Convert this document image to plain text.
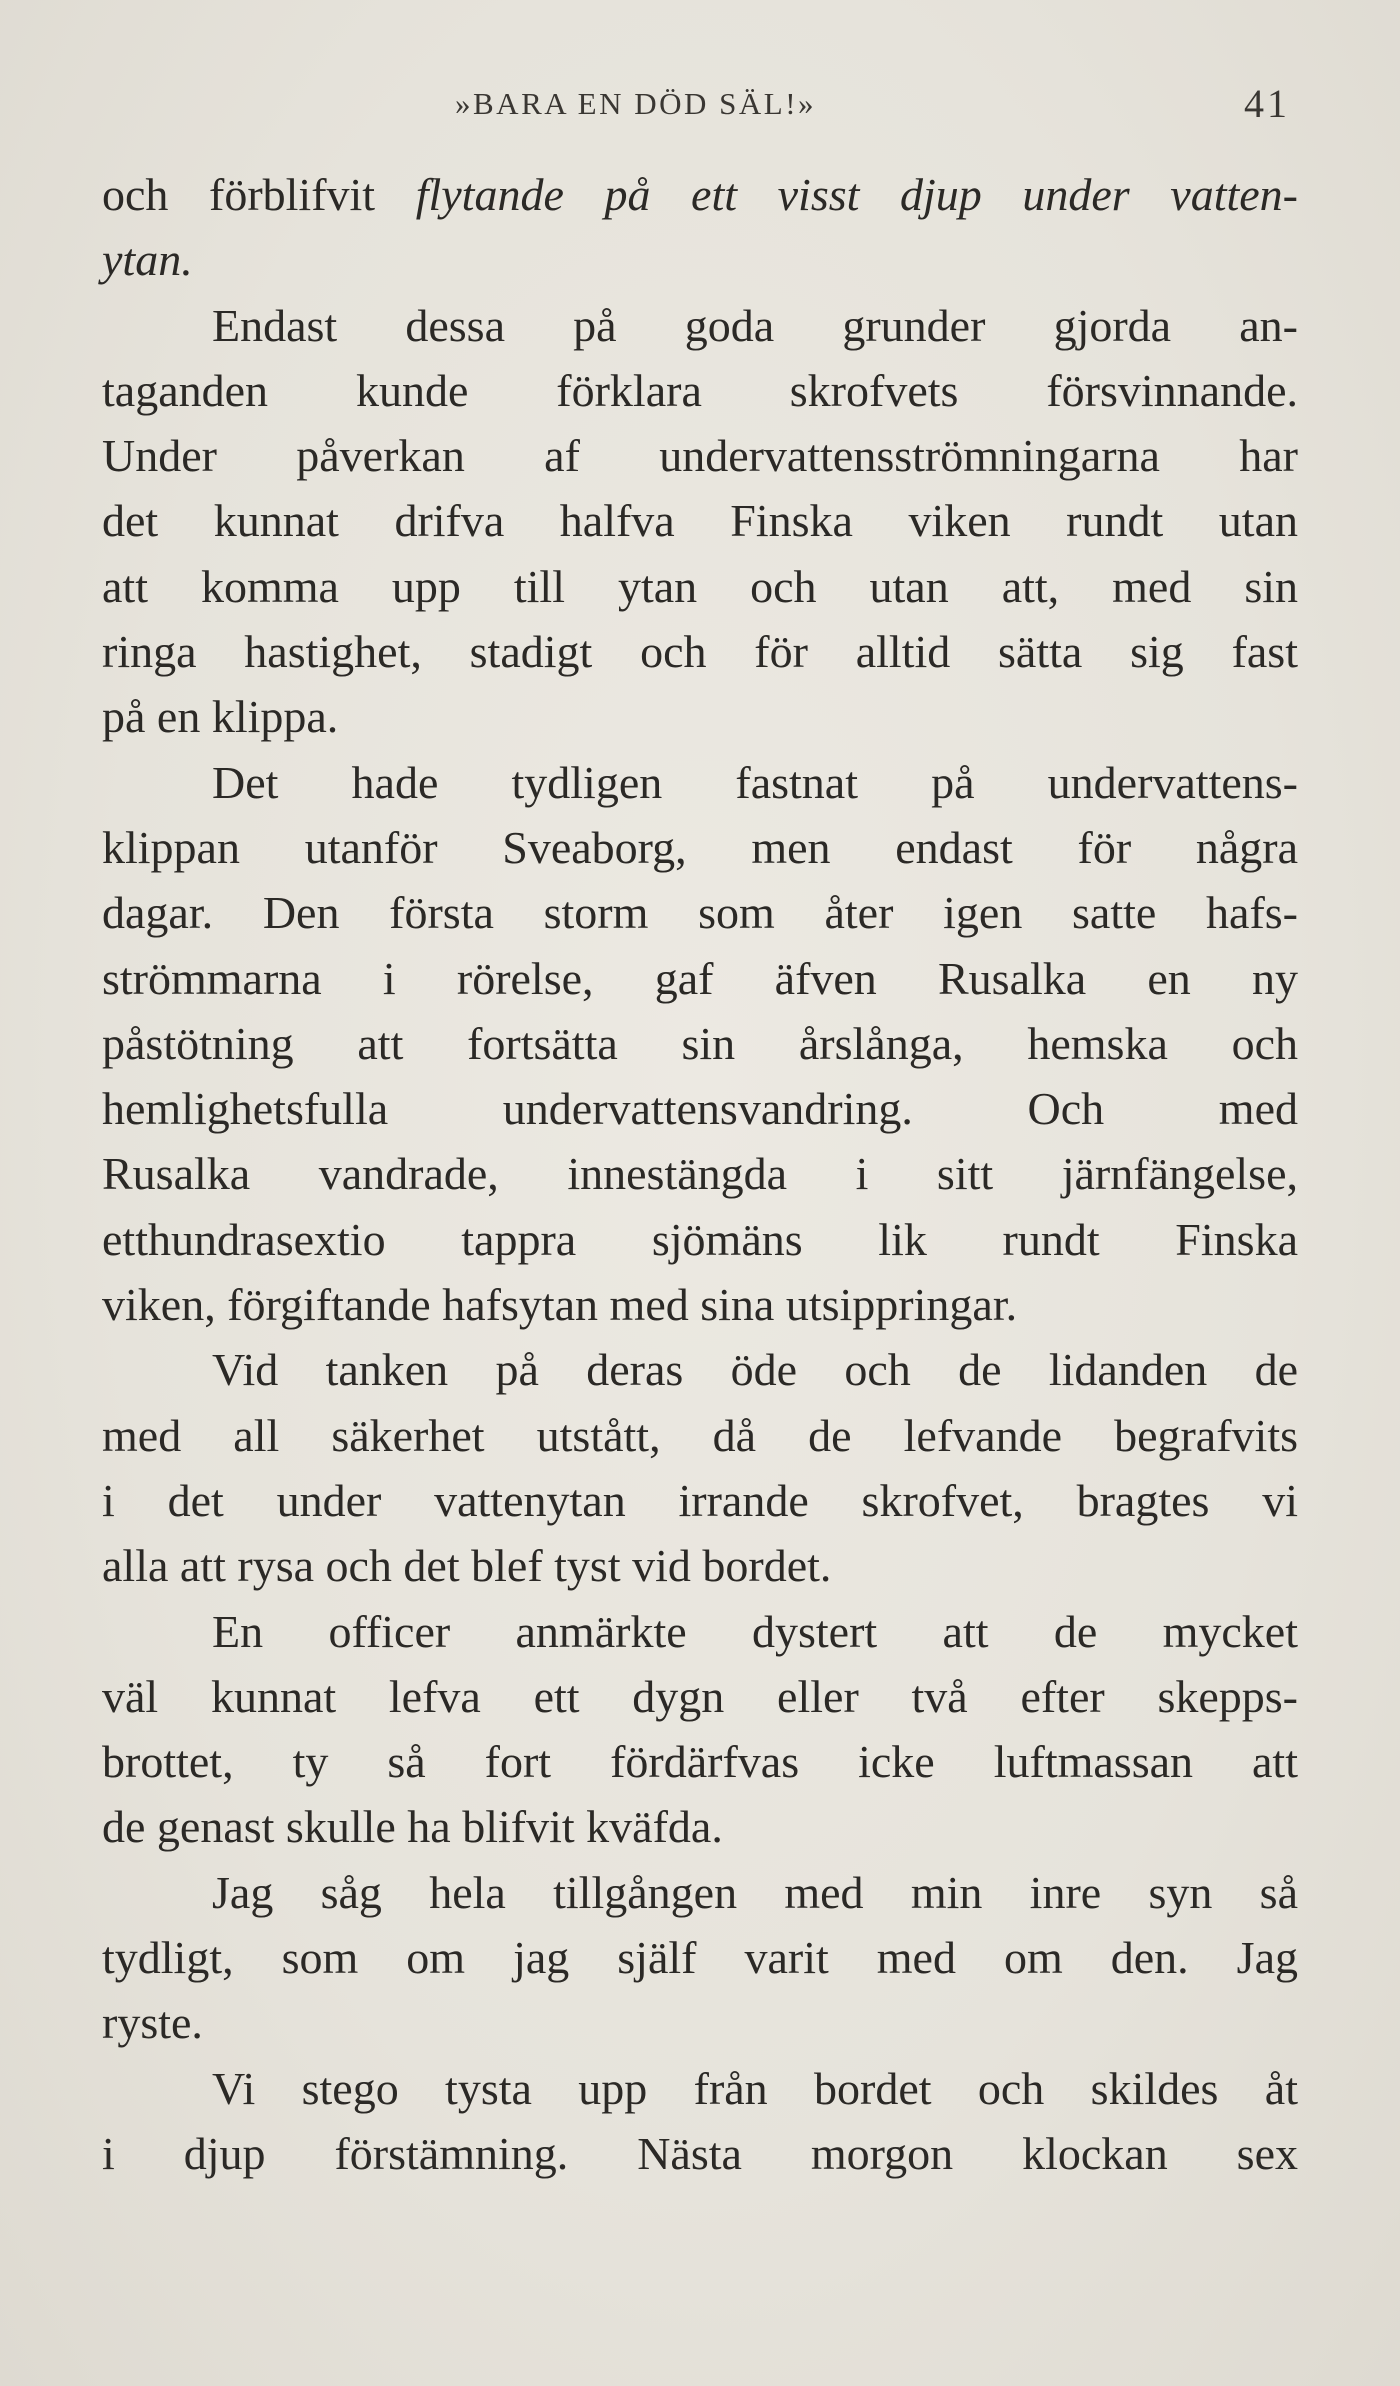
»BARA EN DÖD SÄL!»	41
och förblifvit flytande på ett visst djup under vatten-
ytan.
Endast dessa på goda grunder gjorda an-
taganden kunde förklara skrofvets försvinnande.
Under påverkan af undervattensströmningarna har
det kunnat drifva halfva Finska viken rundt utan
att komma upp till ytan och utan att, med sin
ringa hastighet, stadigt och för alltid sätta sig fast
på en klippa.
Det hade tydligen fastnat på undervattens-
klippan utanför Sveaborg, men endast för några
dagar. Den första storm som åter igen satte hafs-
strömmarna i rörelse, gaf äfven Rusalka en ny
påstötning att fortsätta sin årslånga, hemska och
hemlighetsfulla undervattensvandring. Och med
Rusalka vandrade, innestängda i sitt järnfängelse,
etthundrasextio tappra sjömäns lik rundt Finska
viken, förgiftande hafsytan med sina utsippringar.
Vid tanken på deras öde och de lidanden de
med all säkerhet utstått, då de lefvande begrafvits
i det under vattenytan irrande skrofvet, bragtes vi
alla att rysa och det blef tyst vid bordet.
En officer anmärkte dystert att de mycket
väl kunnat lefva ett dygn eller två efter skepps-
brottet, ty så fort fördärfvas icke luftmassan att
de genast skulle ha blifvit kväfda.
Jag såg hela tillgången med min inre syn så
tydligt, som om jag själf varit med om den. Jag
ryste.
Vi stego tysta upp från bordet och skildes åt
i djup förstämning. Nästa morgon klockan sex
